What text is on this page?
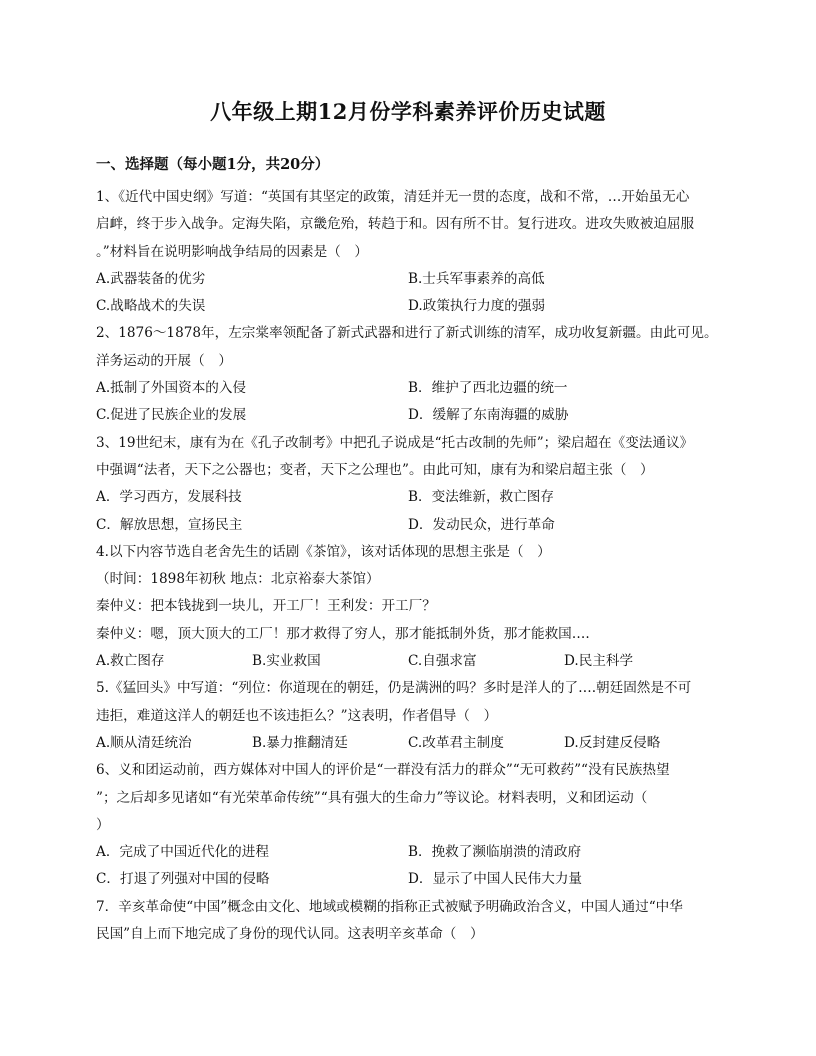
八年级上期12月份学科素养评价历史试题
一、选择题（每小题1分，共20分）
1、《近代中国史纲》写道：“英国有其坚定的政策，清廷并无一贯的态度，战和不常，…开始虽无心
启衅，终于步入战争。定海失陷，京畿危殆，转趋于和。因有所不甘。复行进攻。进攻失败被迫屈服
。”材料旨在说明影响战争结局的因素是（　）
A.武器装备的优劣	B.士兵军事素养的高低
C.战略战术的失误	D.政策执行力度的强弱
2、1876～1878年，左宗棠率领配备了新式武器和进行了新式训练的清军，成功收复新疆。由此可见。
洋务运动的开展（　）
A.抵制了外国资本的入侵	B．维护了西北边疆的统一
C.促进了民族企业的发展	D．缓解了东南海疆的威胁
3、19世纪末，康有为在《孔子改制考》中把孔子说成是“托古改制的先师”；梁启超在《变法通议》
中强调“法者，天下之公器也；变者，天下之公理也”。由此可知，康有为和梁启超主张（　）
A．学习西方，发展科技	B．变法维新，救亡图存
C．解放思想，宣扬民主	D．发动民众，进行革命
4.以下内容节选自老舍先生的话剧《茶馆》，该对话体现的思想主张是（　）
（时间：1898年初秋 地点：北京裕泰大茶馆）
秦仲义：把本钱拢到一块儿，开工厂！王利发：开工厂？
秦仲义：嗯，顶大顶大的工厂！那才救得了穷人，那才能抵制外货，那才能救国….
A.救亡图存	B.实业救国	C.自强求富	D.民主科学
5.《猛回头》中写道：“列位：你道现在的朝廷，仍是满洲的吗？多时是洋人的了….朝廷固然是不可
违拒，难道这洋人的朝廷也不该违拒么？”这表明，作者倡导（　）
A.顺从清廷统治	B.暴力推翻清廷	C.改革君主制度	D.反封建反侵略
6、义和团运动前，西方媒体对中国人的评价是“一群没有活力的群众”“无可救药”“没有民族热望
”；之后却多见诸如“有光荣革命传统”“具有强大的生命力”等议论。材料表明，义和团运动（
）
A．完成了中国近代化的进程	B．挽救了濒临崩溃的清政府
C．打退了列强对中国的侵略	D．显示了中国人民伟大力量
7．辛亥革命使“中国”概念由文化、地域或模糊的指称正式被赋予明确政治含义，中国人通过“中华
民国”自上而下地完成了身份的现代认同。这表明辛亥革命（　）
